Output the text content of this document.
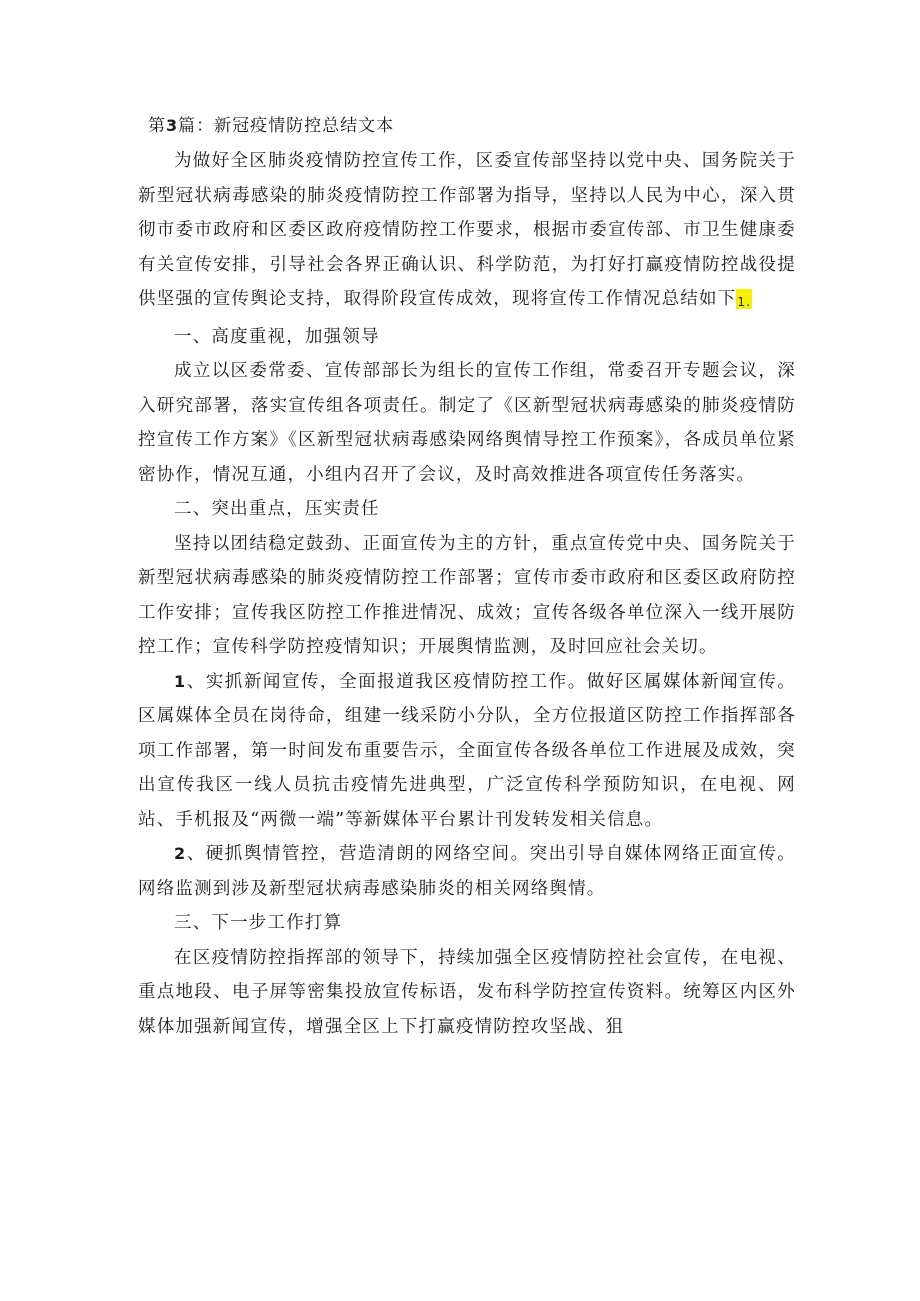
第3篇：新冠疫情防控总结文本

为做好全区肺炎疫情防控宣传工作，区委宣传部坚持以党中央、国务院关于新型冠状病毒感染的肺炎疫情防控工作部署为指导，坚持以人民为中心，深入贯彻市委市政府和区委区政府疫情防控工作要求，根据市委宣传部、市卫生健康委有关宣传安排，引导社会各界正确认识、科学防范，为打好打赢疫情防控战役提供坚强的宣传舆论支持，取得阶段宣传成效，现将宣传工作情况总结如下1.

一、高度重视，加强领导

成立以区委常委、宣传部部长为组长的宣传工作组，常委召开专题会议，深入研究部署，落实宣传组各项责任。制定了《区新型冠状病毒感染的肺炎疫情防控宣传工作方案》《区新型冠状病毒感染网络舆情导控工作预案》，各成员单位紧密协作，情况互通，小组内召开了会议，及时高效推进各项宣传任务落实。

二、突出重点，压实责任

坚持以团结稳定鼓劲、正面宣传为主的方针，重点宣传党中央、国务院关于新型冠状病毒感染的肺炎疫情防控工作部署；宣传市委市政府和区委区政府防控工作安排；宣传我区防控工作推进情况、成效；宣传各级各单位深入一线开展防控工作；宣传科学防控疫情知识；开展舆情监测，及时回应社会关切。

1、实抓新闻宣传，全面报道我区疫情防控工作。做好区属媒体新闻宣传。区属媒体全员在岗待命，组建一线采防小分队，全方位报道区防控工作指挥部各项工作部署，第一时间发布重要告示，全面宣传各级各单位工作进展及成效，突出宣传我区一线人员抗击疫情先进典型，广泛宣传科学预防知识，在电视、网站、手机报及“两微一端”等新媒体平台累计刊发转发相关信息。

2、硬抓舆情管控，营造清朗的网络空间。突出引导自媒体网络正面宣传。网络监测到涉及新型冠状病毒感染肺炎的相关网络舆情。

三、下一步工作打算

在区疫情防控指挥部的领导下，持续加强全区疫情防控社会宣传，在电视、重点地段、电子屏等密集投放宣传标语，发布科学防控宣传资料。统筹区内区外媒体加强新闻宣传，增强全区上下打赢疫情防控攻坚战、狙
